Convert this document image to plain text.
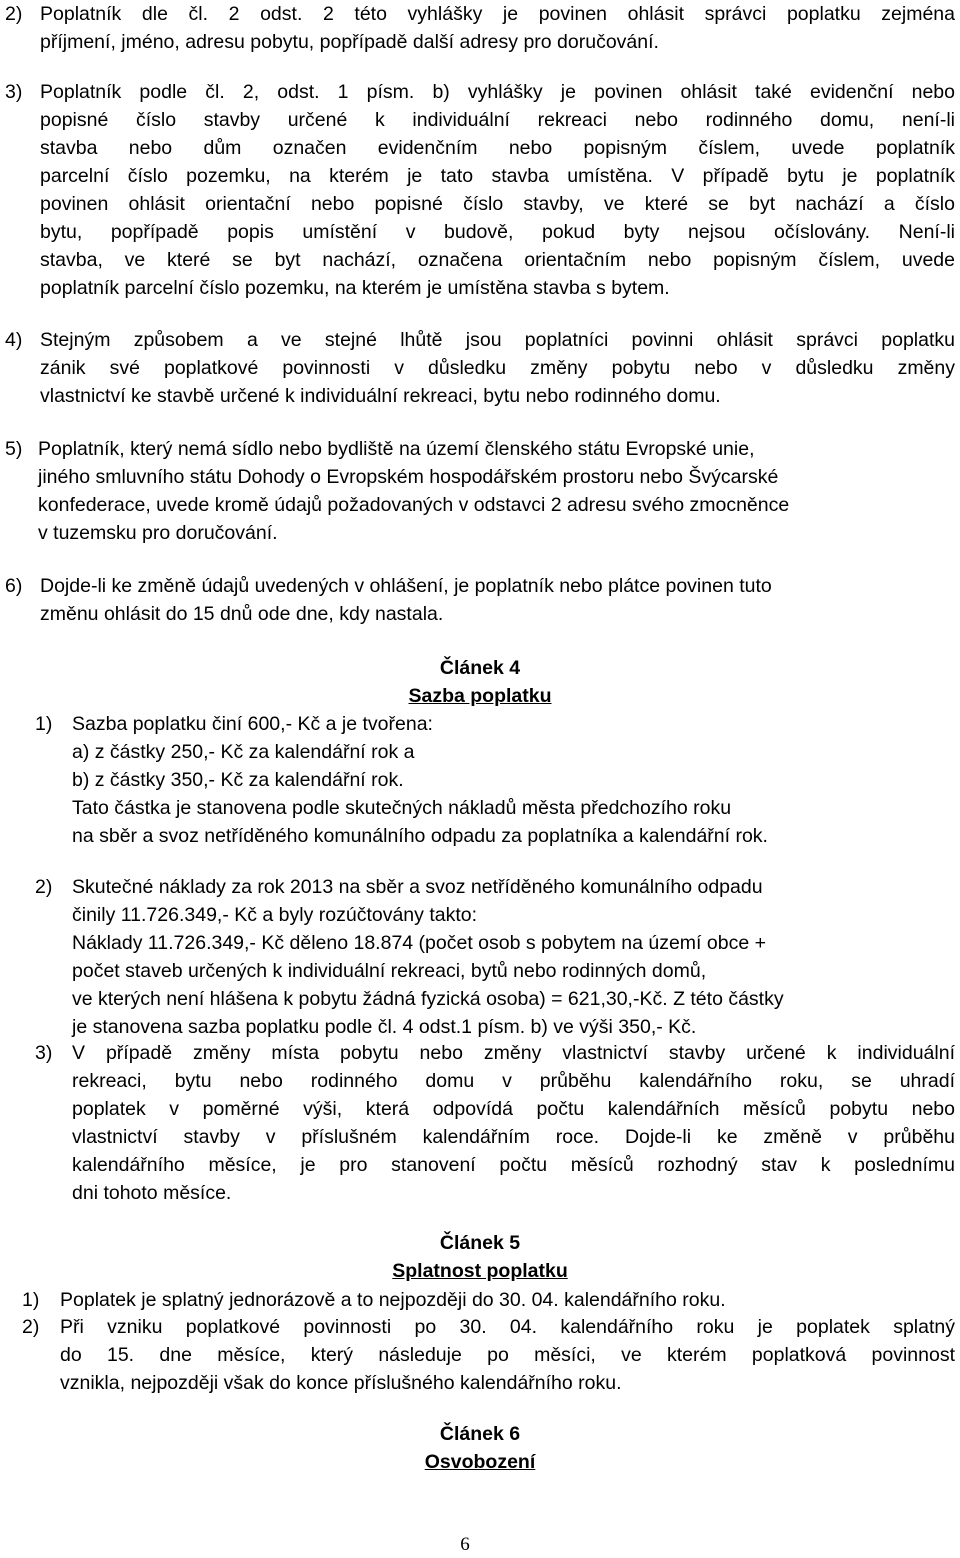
2) Poplatník dle čl. 2 odst. 2 této vyhlášky je povinen ohlásit správci poplatku zejména
příjmení, jméno, adresu pobytu, popřípadě další adresy pro doručování.
3) Poplatník podle čl. 2, odst. 1 písm. b) vyhlášky je povinen ohlásit také evidenční nebo
popisné číslo stavby určené k individuální rekreaci nebo rodinného domu, není-li
stavba nebo dům označen evidenčním nebo popisným číslem, uvede poplatník
parcelní číslo pozemku, na kterém je tato stavba umístěna. V případě bytu je poplatník
povinen ohlásit orientační nebo popisné číslo stavby, ve které se byt nachází a číslo
bytu, popřípadě popis umístění v budově, pokud byty nejsou očíslovány. Není-li
stavba, ve které se byt nachází, označena orientačním nebo popisným číslem, uvede
poplatník parcelní číslo pozemku, na kterém je umístěna stavba s bytem.
4) Stejným způsobem a ve stejné lhůtě jsou poplatníci povinni ohlásit správci poplatku
zánik své poplatkové povinnosti v důsledku změny pobytu nebo v důsledku změny
vlastnictví ke stavbě určené k individuální rekreaci, bytu nebo rodinného domu.
5) Poplatník, který nemá sídlo nebo bydliště na území členského státu Evropské unie,
jiného smluvního státu Dohody o Evropském hospodářském prostoru nebo Švýcarské
konfederace, uvede kromě údajů požadovaných v odstavci 2 adresu svého zmocněnce
v tuzemsku pro doručování.
6) Dojde-li ke změně údajů uvedených v ohlášení, je poplatník nebo plátce povinen tuto
změnu ohlásit do 15 dnů ode dne, kdy nastala.
Článek 4
Sazba poplatku
1) Sazba poplatku činí 600,- Kč a je tvořena:
a) z částky 250,- Kč za kalendářní rok a
b) z částky 350,- Kč za kalendářní rok.
Tato částka je stanovena podle skutečných nákladů města předchozího roku
na sběr a svoz netříděného komunálního odpadu za poplatníka a kalendářní rok.
2) Skutečné náklady za rok 2013 na sběr a svoz netříděného komunálního odpadu
činily 11.726.349,- Kč a byly rozúčtovány takto:
Náklady 11.726.349,- Kč děleno 18.874 (počet osob s pobytem na území obce +
počet staveb určených k individuální rekreaci, bytů nebo rodinných domů,
ve kterých není hlášena k pobytu žádná fyzická osoba) = 621,30,-Kč. Z této částky
je stanovena sazba poplatku podle čl. 4 odst.1 písm. b) ve výši 350,- Kč.
3) V případě změny místa pobytu nebo změny vlastnictví stavby určené k individuální
rekreaci, bytu nebo rodinného domu v průběhu kalendářního roku, se uhradí
poplatek v poměrné výši, která odpovídá počtu kalendářních měsíců pobytu nebo
vlastnictví stavby v příslušném kalendářním roce. Dojde-li ke změně v průběhu
kalendářního měsíce, je pro stanovení počtu měsíců rozhodný stav k poslednímu
dni tohoto měsíce.
Článek 5
Splatnost poplatku
1) Poplatek je splatný jednorázově a to nejpozději do 30. 04. kalendářního roku.
2) Při vzniku poplatkové povinnosti po 30. 04. kalendářního roku je poplatek splatný
do 15. dne měsíce, který následuje po měsíci, ve kterém poplatková povinnost
vznikla, nejpozději však do konce příslušného kalendářního roku.
Článek 6
Osvobození
6
